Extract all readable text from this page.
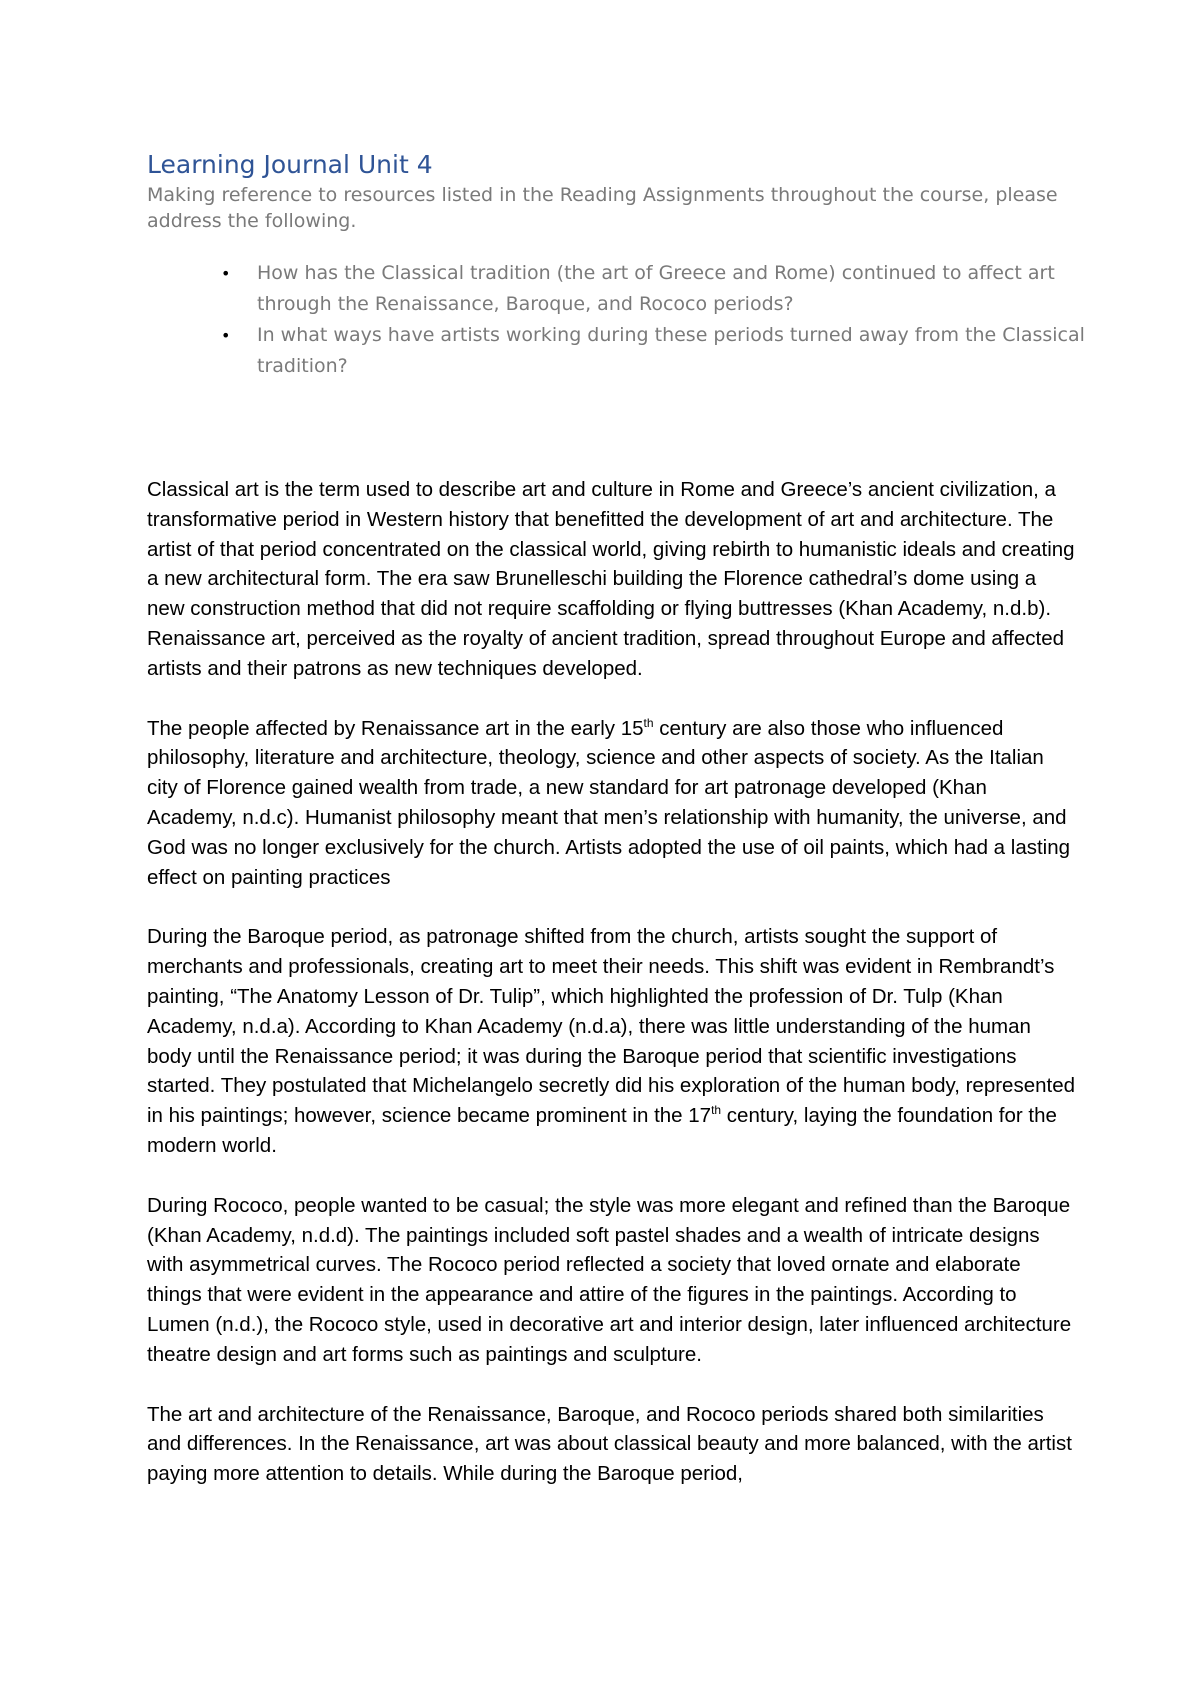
Learning Journal Unit 4

Making reference to resources listed in the Reading Assignments throughout the course, please address the following.

• How has the Classical tradition (the art of Greece and Rome) continued to affect art through the Renaissance, Baroque, and Rococo periods?
• In what ways have artists working during these periods turned away from the Classical tradition?

Classical art is the term used to describe art and culture in Rome and Greece’s ancient civilization, a transformative period in Western history that benefitted the development of art and architecture. The artist of that period concentrated on the classical world, giving rebirth to humanistic ideals and creating a new architectural form. The era saw Brunelleschi building the Florence cathedral’s dome using a new construction method that did not require scaffolding or flying buttresses (Khan Academy, n.d.b). Renaissance art, perceived as the royalty of ancient tradition, spread throughout Europe and affected artists and their patrons as new techniques developed.

The people affected by Renaissance art in the early 15th century are also those who influenced philosophy, literature and architecture, theology, science and other aspects of society. As the Italian city of Florence gained wealth from trade, a new standard for art patronage developed (Khan Academy, n.d.c). Humanist philosophy meant that men’s relationship with humanity, the universe, and God was no longer exclusively for the church. Artists adopted the use of oil paints, which had a lasting effect on painting practices

During the Baroque period, as patronage shifted from the church, artists sought the support of merchants and professionals, creating art to meet their needs. This shift was evident in Rembrandt’s painting, “The Anatomy Lesson of Dr. Tulip”, which highlighted the profession of Dr. Tulp (Khan Academy, n.d.a). According to Khan Academy (n.d.a), there was little understanding of the human body until the Renaissance period; it was during the Baroque period that scientific investigations started. They postulated that Michelangelo secretly did his exploration of the human body, represented in his paintings; however, science became prominent in the 17th century, laying the foundation for the modern world.

During Rococo, people wanted to be casual; the style was more elegant and refined than the Baroque (Khan Academy, n.d.d). The paintings included soft pastel shades and a wealth of intricate designs with asymmetrical curves. The Rococo period reflected a society that loved ornate and elaborate things that were evident in the appearance and attire of the figures in the paintings. According to Lumen (n.d.), the Rococo style, used in decorative art and interior design, later influenced architecture theatre design and art forms such as paintings and sculpture.

The art and architecture of the Renaissance, Baroque, and Rococo periods shared both similarities and differences. In the Renaissance, art was about classical beauty and more balanced, with the artist paying more attention to details. While during the Baroque period,
